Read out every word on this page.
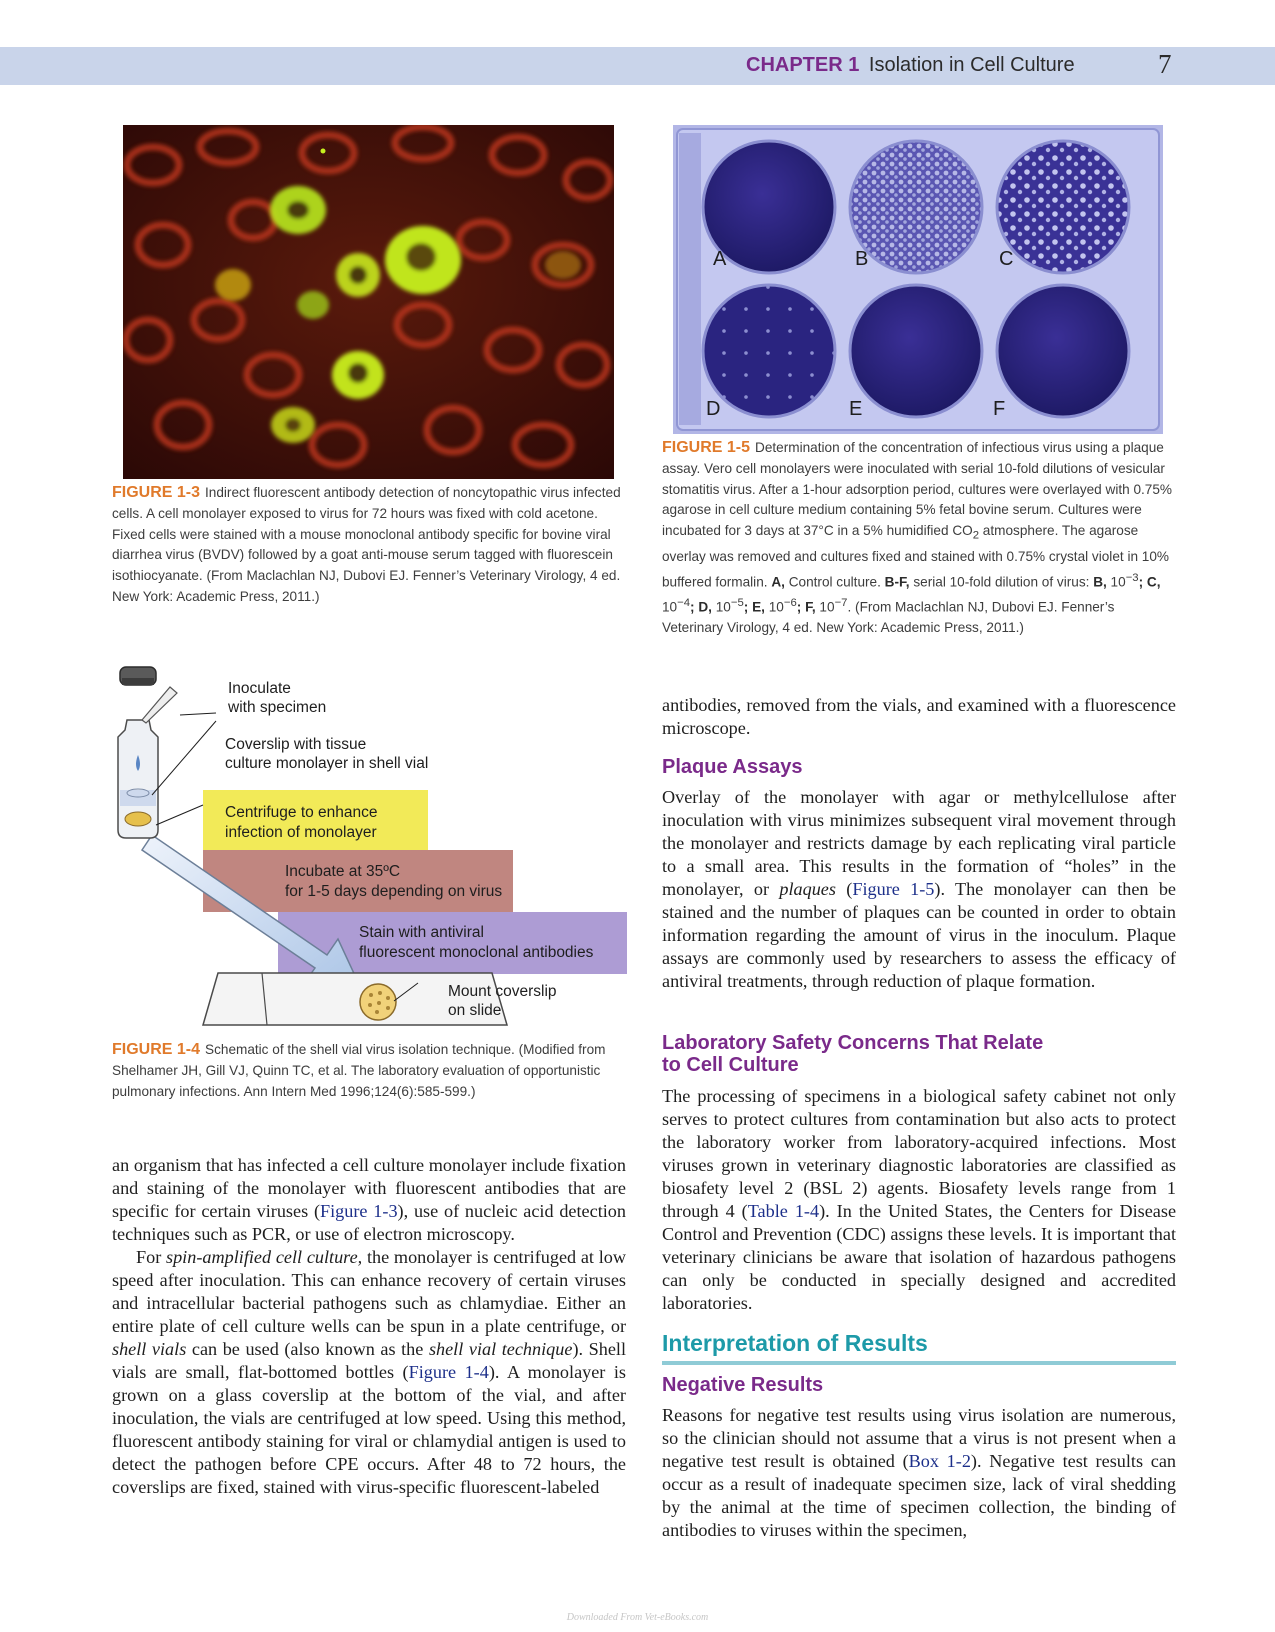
CHAPTER 1 Isolation in Cell Culture	7

FIGURE 1-3 Indirect fluorescent antibody detection of noncytopathic virus infected cells. A cell monolayer exposed to virus for 72 hours was fixed with cold acetone. Fixed cells were stained with a mouse monoclonal antibody specific for bovine viral diarrhea virus (BVDV) followed by a goat anti-mouse serum tagged with fluorescein isothiocyanate. (From Maclachlan NJ, Dubovi EJ. Fenner’s Veterinary Virology, 4 ed. New York: Academic Press, 2011.)

A	B	C
D	E	F

FIGURE 1-5 Determination of the concentration of infectious virus using a plaque assay. Vero cell monolayers were inoculated with serial 10-fold dilutions of vesicular stomatitis virus. After a 1-hour adsorption period, cultures were overlayed with 0.75% agarose in cell culture medium containing 5% fetal bovine serum. Cultures were incubated for 3 days at 37°C in a 5% humidified $CO_2$ atmosphere. The agarose overlay was removed and cultures fixed and stained with 0.75% crystal violet in 10% buffered formalin. A, Control culture. B-F, serial 10-fold dilution of virus: B, $10^{-3}$; C, $10^{-4}$; D, $10^{-5}$; E, $10^{-6}$; F, $10^{-7}$. (From Maclachlan NJ, Dubovi EJ. Fenner’s Veterinary Virology, 4 ed. New York: Academic Press, 2011.)

Inoculate
with specimen
Coverslip with tissue
culture monolayer in shell vial
Centrifuge to enhance
infection of monolayer
Incubate at 35ºC
for 1-5 days depending on virus
Stain with antiviral
fluorescent monoclonal antibodies
Mount coverslip
on slide

FIGURE 1-4 Schematic of the shell vial virus isolation technique. (Modified from Shelhamer JH, Gill VJ, Quinn TC, et al. The laboratory evaluation of opportunistic pulmonary infections. Ann Intern Med 1996;124(6):585-599.)

an organism that has infected a cell culture monolayer include fixation and staining of the monolayer with fluorescent antibodies that are specific for certain viruses (Figure 1-3), use of nucleic acid detection techniques such as PCR, or use of electron microscopy.

For spin-amplified cell culture, the monolayer is centrifuged at low speed after inoculation. This can enhance recovery of certain viruses and intracellular bacterial pathogens such as chlamydiae. Either an entire plate of cell culture wells can be spun in a plate centrifuge, or shell vials can be used (also known as the shell vial technique). Shell vials are small, flat-bottomed bottles (Figure 1-4). A monolayer is grown on a glass coverslip at the bottom of the vial, and after inoculation, the vials are centrifuged at low speed. Using this method, fluorescent antibody staining for viral or chlamydial antigen is used to detect the pathogen before CPE occurs. After 48 to 72 hours, the coverslips are fixed, stained with virus-specific fluorescent-labeled

antibodies, removed from the vials, and examined with a fluorescence microscope.

Plaque Assays

Overlay of the monolayer with agar or methylcellulose after inoculation with virus minimizes subsequent viral movement through the monolayer and restricts damage by each replicating viral particle to a small area. This results in the formation of “holes” in the monolayer, or plaques (Figure 1-5). The monolayer can then be stained and the number of plaques can be counted in order to obtain information regarding the amount of virus in the inoculum. Plaque assays are commonly used by researchers to assess the efficacy of antiviral treatments, through reduction of plaque formation.

Laboratory Safety Concerns That Relate
to Cell Culture

The processing of specimens in a biological safety cabinet not only serves to protect cultures from contamination but also acts to protect the laboratory worker from laboratory-acquired infections. Most viruses grown in veterinary diagnostic laboratories are classified as biosafety level 2 (BSL 2) agents. Biosafety levels range from 1 through 4 (Table 1-4). In the United States, the Centers for Disease Control and Prevention (CDC) assigns these levels. It is important that veterinary clinicians be aware that isolation of hazardous pathogens can only be conducted in specially designed and accredited laboratories.

Interpretation of Results
Negative Results

Reasons for negative test results using virus isolation are numerous, so the clinician should not assume that a virus is not present when a negative test result is obtained (Box 1-2). Negative test results can occur as a result of inadequate specimen size, lack of viral shedding by the animal at the time of specimen collection, the binding of antibodies to viruses within the specimen,

Downloaded From Vet-eBooks.com
